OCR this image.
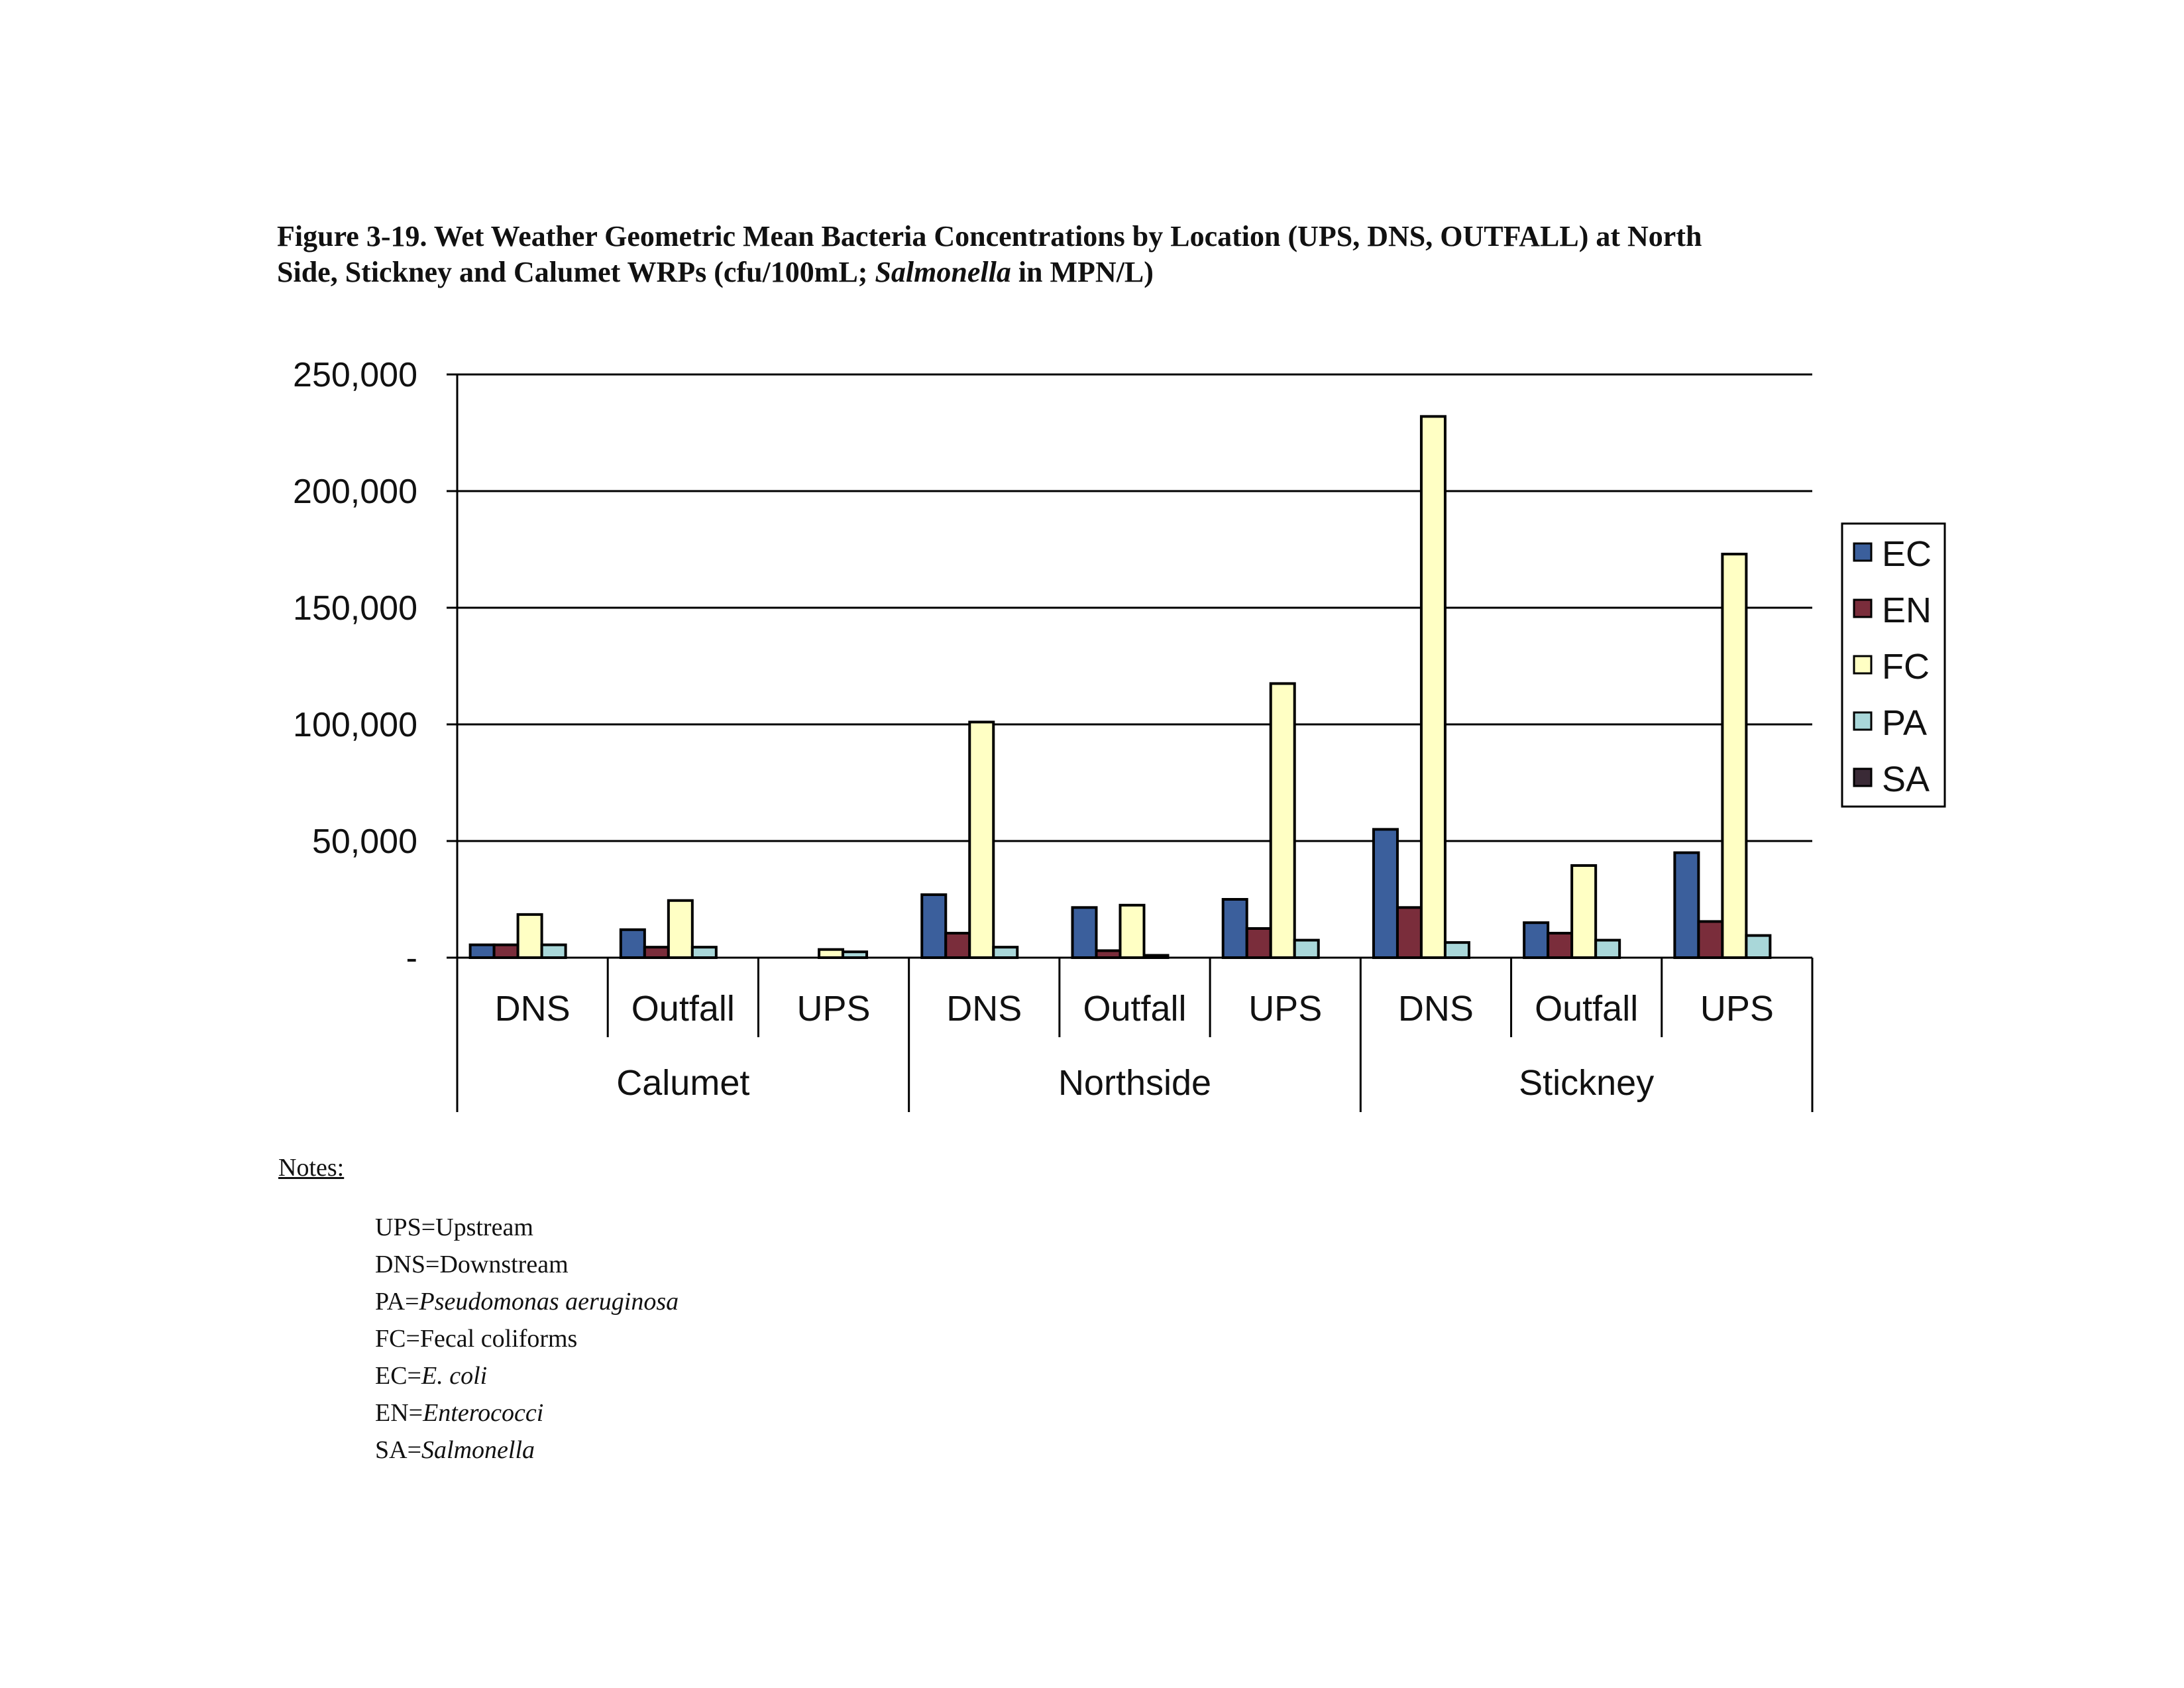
Figure 3-19. Wet Weather Geometric Mean Bacteria Concentrations by Location (UPS, DNS, OUTFALL) at North
Side, Stickney and Calumet WRPs (cfu/100mL; Salmonella in MPN/L)
-
50,000
100,000
150,000
200,000
250,000
DNS Outfall UPS
Calumet
DNS Outfall UPS
Northside
DNS Outfall UPS
Stickney
EC
EN
FC
PA
SA
Notes:
UPS=Upstream
DNS=Downstream
PA=Pseudomonas aeruginosa
FC=Fecal coliforms
EC=E. coli
EN=Enterococci
SA=Salmonella
